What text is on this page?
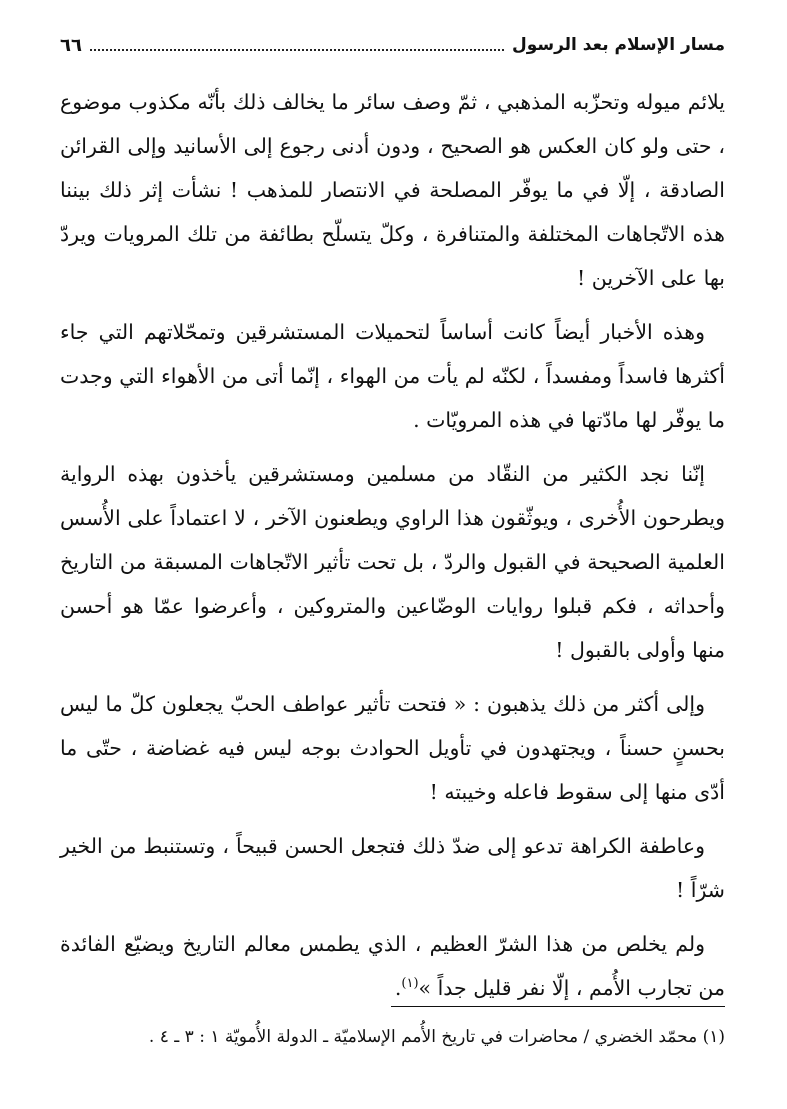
مسار الإسلام بعد الرسول
٦٦

يلائم ميوله وتحزّبه المذهبي ، ثمّ وصف سائر ما يخالف ذلك بأنّه مكذوب موضوع ، حتى ولو كان العكس هو الصحيح ، ودون أدنى رجوع إلى الأسانيد وإلى القرائن الصادقة ، إلّا في ما يوفّر المصلحة في الانتصار للمذهب ! نشأت إثر ذلك بيننا هذه الاتّجاهات المختلفة والمتنافرة ، وكلّ يتسلّح بطائفة من تلك المرويات ويردّ بها على الآخرين !

وهذه الأخبار أيضاً كانت أساساً لتحميلات المستشرقين وتمحّلاتهم التي جاء أكثرها فاسداً ومفسداً ، لكنّه لم يأت من الهواء ، إنّما أتى من الأهواء التي وجدت ما يوفّر لها مادّتها في هذه المرويّات .

إنّنا نجد الكثير من النقّاد من مسلمين ومستشرقين يأخذون بهذه الرواية ويطرحون الأُخرى ، ويوثّقون هذا الراوي ويطعنون الآخر ، لا اعتماداً على الأُسس العلمية الصحيحة في القبول والردّ ، بل تحت تأثير الاتّجاهات المسبقة من التاريخ وأحداثه ، فكم قبلوا روايات الوضّاعين والمتروكين ، وأعرضوا عمّا هو أحسن منها وأولى بالقبول !

وإلى أكثر من ذلك يذهبون : « فتحت تأثير عواطف الحبّ يجعلون كلّ ما ليس بحسنٍ حسناً ، ويجتهدون في تأويل الحوادث بوجه ليس فيه غضاضة ، حتّى ما أدّى منها إلى سقوط فاعله وخيبته !

وعاطفة الكراهة تدعو إلى ضدّ ذلك فتجعل الحسن قبيحاً ، وتستنبط من الخير شرّاً !

ولم يخلص من هذا الشرّ العظيم ، الذي يطمس معالم التاريخ ويضيّع الفائدة من تجارب الأُمم ، إلّا نفر قليل جداً »$^{(١)}$.

(١) محمّد الخضري / محاضرات في تاريخ الأُمم الإسلاميّة ـ الدولة الأُمويّة ١ : ٣ ـ ٤ .
